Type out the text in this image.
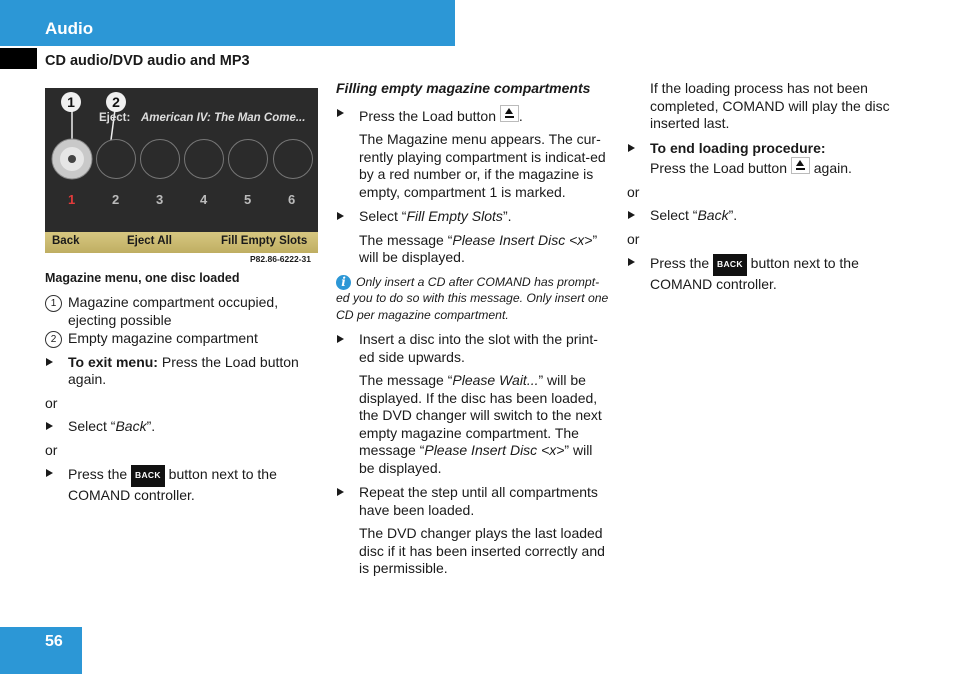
Audio
CD audio/DVD audio and MP3
1	2
Eject: American IV: The Man Come...
1	2	3	4	5	6
Back	Eject All	Fill Empty Slots
P82.86-6222-31
Magazine menu, one disc loaded
1 Magazine compartment occupied, ejecting possible
2 Empty magazine compartment
To exit menu: Press the Load button again.
or
Select “Back”.
or
Press the BACK button next to the COMAND controller.
Filling empty magazine compartments
Press the Load button .
The Magazine menu appears. The cur-rently playing compartment is indicat-ed by a red number or, if the magazine is empty, compartment 1 is marked.
Select “Fill Empty Slots”.
The message “Please Insert Disc <x>” will be displayed.
i Only insert a CD after COMAND has prompt-ed you to do so with this message. Only insert one CD per magazine compartment.
Insert a disc into the slot with the print-ed side upwards.
The message “Please Wait...” will be displayed. If the disc has been loaded, the DVD changer will switch to the next empty magazine compartment. The message “Please Insert Disc <x>” will be displayed.
Repeat the step until all compartments have been loaded.
The DVD changer plays the last loaded disc if it has been inserted correctly and is permissible.
If the loading process has not been completed, COMAND will play the disc inserted last.
To end loading procedure:
Press the Load button  again.
or
Select “Back”.
or
Press the BACK button next to the COMAND controller.
56
